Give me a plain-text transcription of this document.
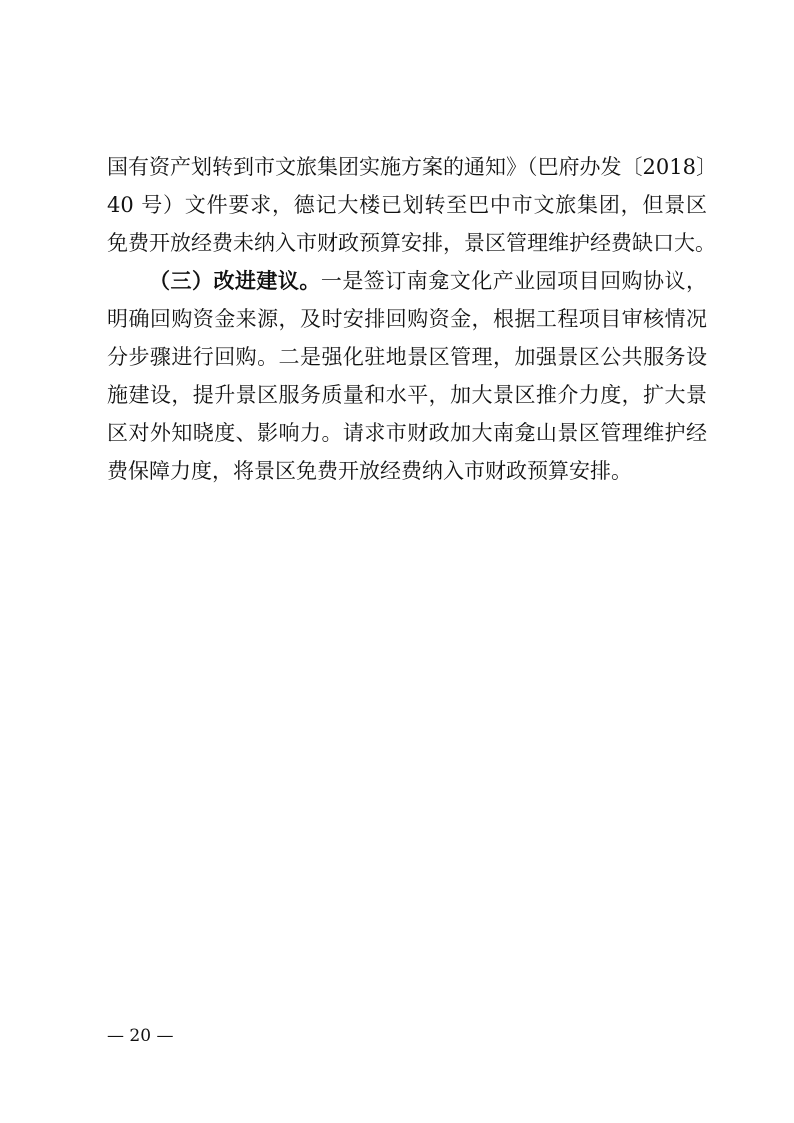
国有资产划转到市文旅集团实施方案的通知》（巴府办发〔2018〕
40 号）文件要求，德记大楼已划转至巴中市文旅集团，但景区
免费开放经费未纳入市财政预算安排，景区管理维护经费缺口大。
（三）改进建议。一是签订南龛文化产业园项目回购协议，
明确回购资金来源，及时安排回购资金，根据工程项目审核情况
分步骤进行回购。二是强化驻地景区管理，加强景区公共服务设
施建设，提升景区服务质量和水平，加大景区推介力度，扩大景
区对外知晓度、影响力。请求市财政加大南龛山景区管理维护经
费保障力度，将景区免费开放经费纳入市财政预算安排。
— 20 —
